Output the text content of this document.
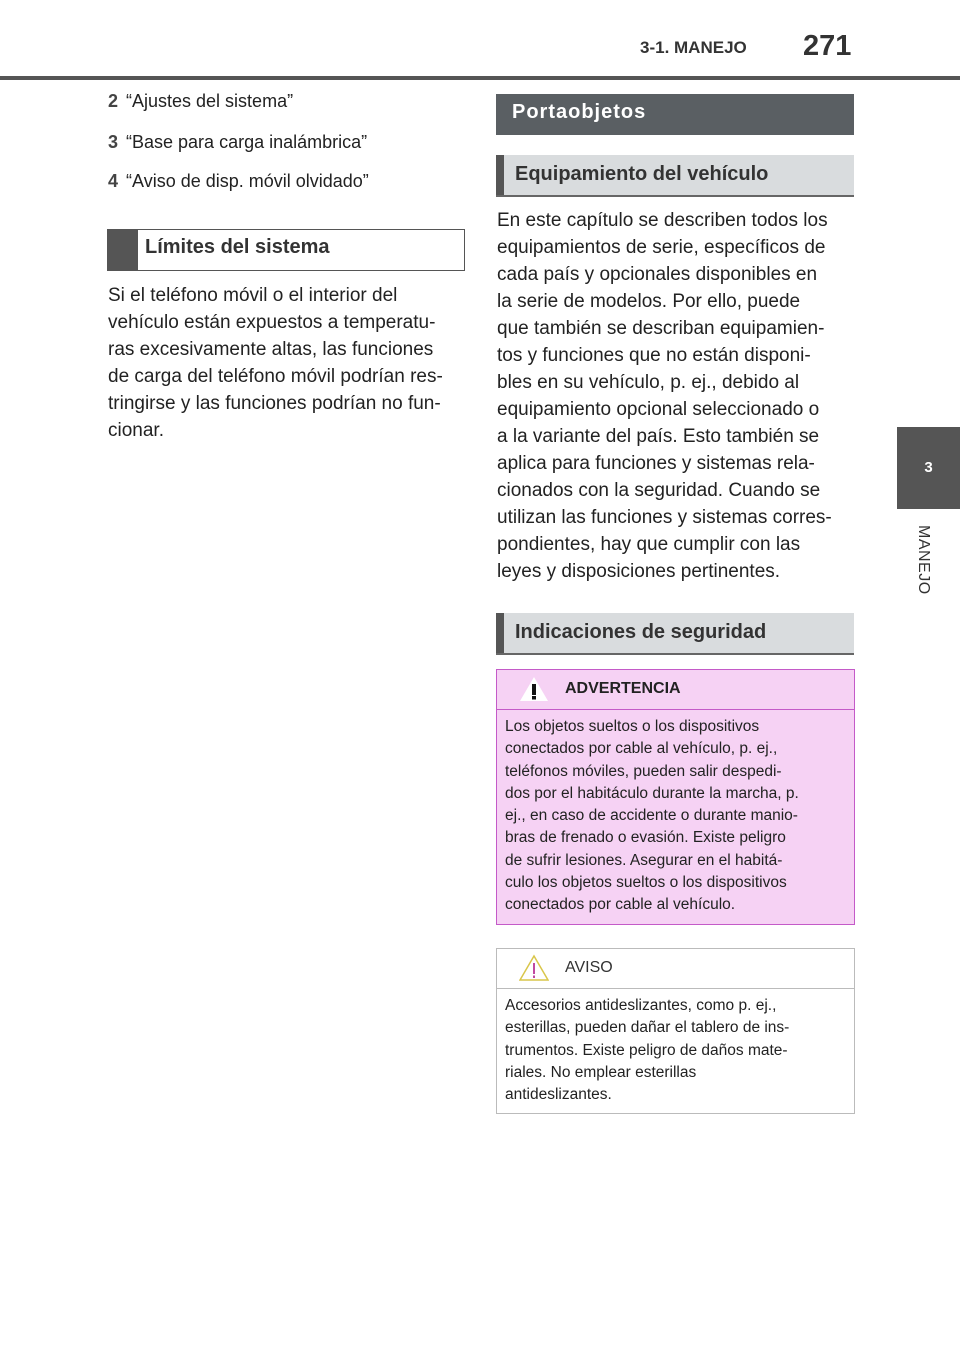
3-1. MANEJO 271
3
MANEJO
2 “Ajustes del sistema”
3 “Base para carga inalámbrica”
4 “Aviso de disp. móvil olvidado”
Límites del sistema
Si el teléfono móvil o el interior del
vehículo están expuestos a temperatu-
ras excesivamente altas, las funciones
de carga del teléfono móvil podrían res-
tringirse y las funciones podrían no fun-
cionar.
Portaobjetos
Equipamiento del vehículo
En este capítulo se describen todos los
equipamientos de serie, específicos de
cada país y opcionales disponibles en
la serie de modelos. Por ello, puede
que también se describan equipamien-
tos y funciones que no están disponi-
bles en su vehículo, p. ej., debido al
equipamiento opcional seleccionado o
a la variante del país. Esto también se
aplica para funciones y sistemas rela-
cionados con la seguridad. Cuando se
utilizan las funciones y sistemas corres-
pondientes, hay que cumplir con las
leyes y disposiciones pertinentes.
Indicaciones de seguridad
ADVERTENCIA
Los objetos sueltos o los dispositivos
conectados por cable al vehículo, p. ej.,
teléfonos móviles, pueden salir despedi-
dos por el habitáculo durante la marcha, p.
ej., en caso de accidente o durante manio-
bras de frenado o evasión. Existe peligro
de sufrir lesiones. Asegurar en el habitá-
culo los objetos sueltos o los dispositivos
conectados por cable al vehículo.
AVISO
Accesorios antideslizantes, como p. ej.,
esterillas, pueden dañar el tablero de ins-
trumentos. Existe peligro de daños mate-
riales. No emplear esterillas
antideslizantes.
